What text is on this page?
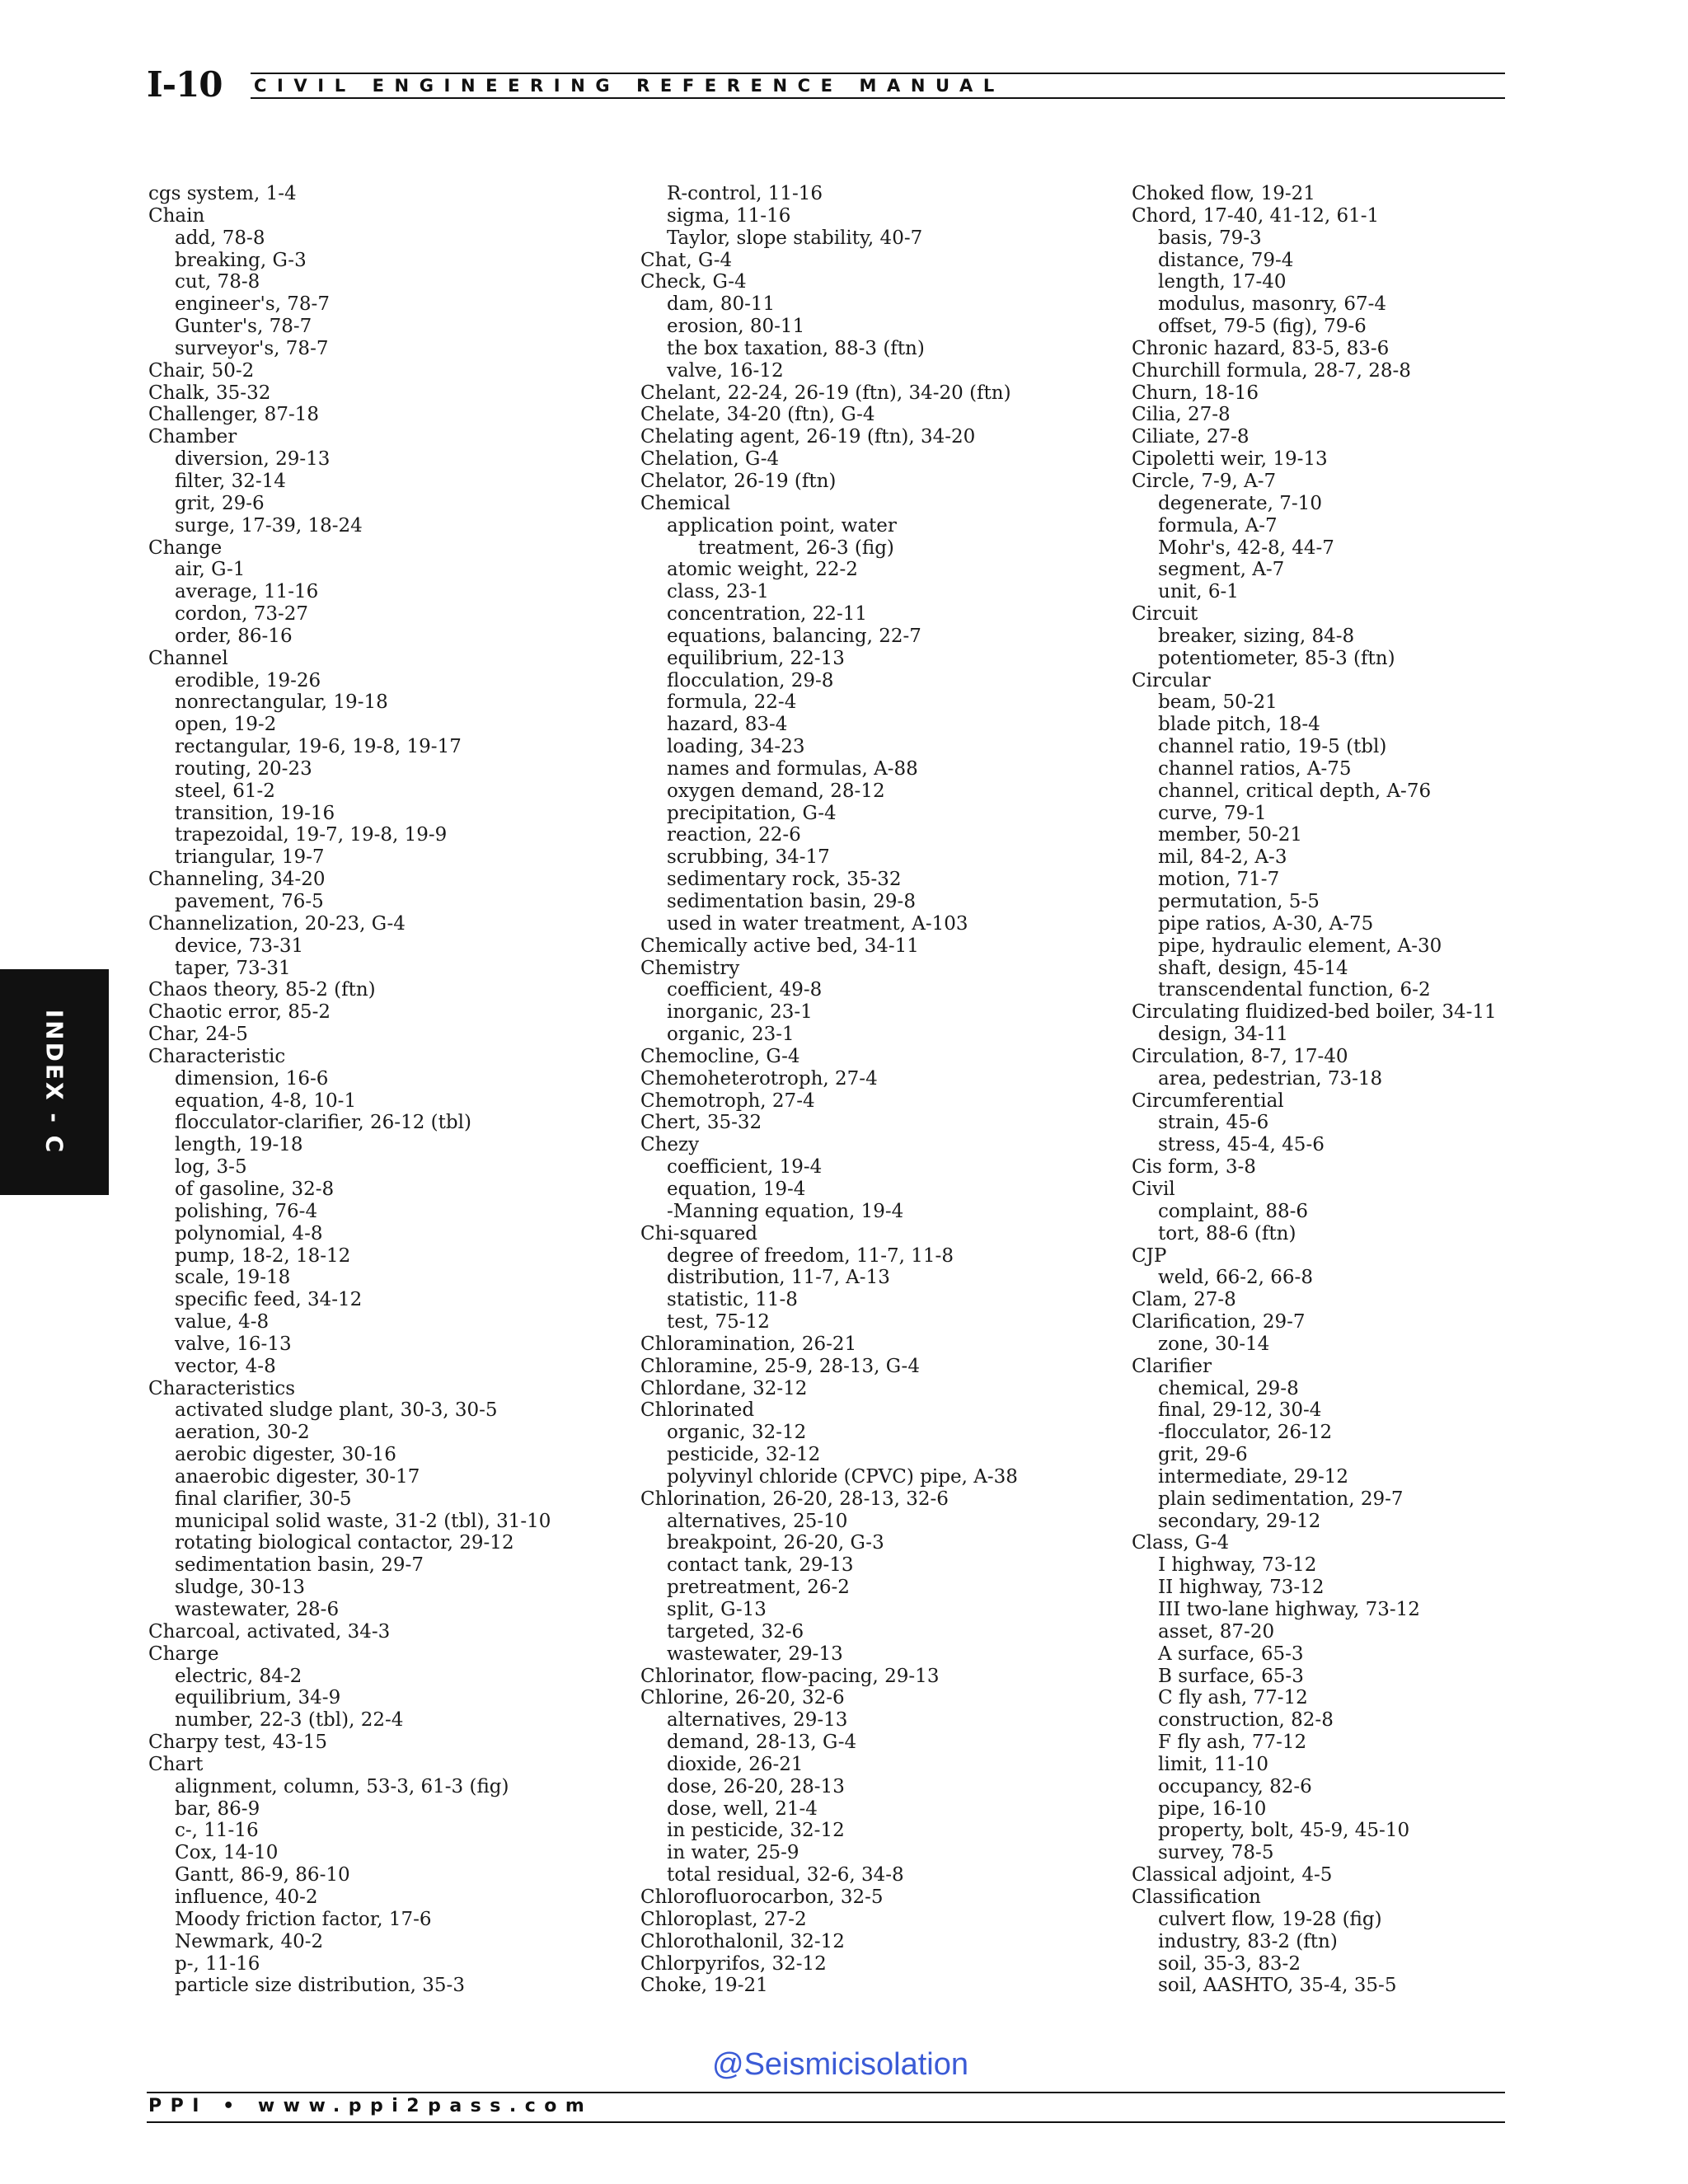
I-10 CIVIL ENGINEERING REFERENCE MANUAL
INDEX - C
cgs system, 1-4
Chain
add, 78-8
breaking, G-3
cut, 78-8
engineer's, 78-7
Gunter's, 78-7
surveyor's, 78-7
Chair, 50-2
Chalk, 35-32
Challenger, 87-18
Chamber
diversion, 29-13
filter, 32-14
grit, 29-6
surge, 17-39, 18-24
Change
air, G-1
average, 11-16
cordon, 73-27
order, 86-16
Channel
erodible, 19-26
nonrectangular, 19-18
open, 19-2
rectangular, 19-6, 19-8, 19-17
routing, 20-23
steel, 61-2
transition, 19-16
trapezoidal, 19-7, 19-8, 19-9
triangular, 19-7
Channeling, 34-20
pavement, 76-5
Channelization, 20-23, G-4
device, 73-31
taper, 73-31
Chaos theory, 85-2 (ftn)
Chaotic error, 85-2
Char, 24-5
Characteristic
dimension, 16-6
equation, 4-8, 10-1
flocculator-clarifier, 26-12 (tbl)
length, 19-18
log, 3-5
of gasoline, 32-8
polishing, 76-4
polynomial, 4-8
pump, 18-2, 18-12
scale, 19-18
specific feed, 34-12
value, 4-8
valve, 16-13
vector, 4-8
Characteristics
activated sludge plant, 30-3, 30-5
aeration, 30-2
aerobic digester, 30-16
anaerobic digester, 30-17
final clarifier, 30-5
municipal solid waste, 31-2 (tbl), 31-10
rotating biological contactor, 29-12
sedimentation basin, 29-7
sludge, 30-13
wastewater, 28-6
Charcoal, activated, 34-3
Charge
electric, 84-2
equilibrium, 34-9
number, 22-3 (tbl), 22-4
Charpy test, 43-15
Chart
alignment, column, 53-3, 61-3 (fig)
bar, 86-9
c-, 11-16
Cox, 14-10
Gantt, 86-9, 86-10
influence, 40-2
Moody friction factor, 17-6
Newmark, 40-2
p-, 11-16
particle size distribution, 35-3
R-control, 11-16
sigma, 11-16
Taylor, slope stability, 40-7
Chat, G-4
Check, G-4
dam, 80-11
erosion, 80-11
the box taxation, 88-3 (ftn)
valve, 16-12
Chelant, 22-24, 26-19 (ftn), 34-20 (ftn)
Chelate, 34-20 (ftn), G-4
Chelating agent, 26-19 (ftn), 34-20
Chelation, G-4
Chelator, 26-19 (ftn)
Chemical
application point, water
treatment, 26-3 (fig)
atomic weight, 22-2
class, 23-1
concentration, 22-11
equations, balancing, 22-7
equilibrium, 22-13
flocculation, 29-8
formula, 22-4
hazard, 83-4
loading, 34-23
names and formulas, A-88
oxygen demand, 28-12
precipitation, G-4
reaction, 22-6
scrubbing, 34-17
sedimentary rock, 35-32
sedimentation basin, 29-8
used in water treatment, A-103
Chemically active bed, 34-11
Chemistry
coefficient, 49-8
inorganic, 23-1
organic, 23-1
Chemocline, G-4
Chemoheterotroph, 27-4
Chemotroph, 27-4
Chert, 35-32
Chezy
coefficient, 19-4
equation, 19-4
-Manning equation, 19-4
Chi-squared
degree of freedom, 11-7, 11-8
distribution, 11-7, A-13
statistic, 11-8
test, 75-12
Chloramination, 26-21
Chloramine, 25-9, 28-13, G-4
Chlordane, 32-12
Chlorinated
organic, 32-12
pesticide, 32-12
polyvinyl chloride (CPVC) pipe, A-38
Chlorination, 26-20, 28-13, 32-6
alternatives, 25-10
breakpoint, 26-20, G-3
contact tank, 29-13
pretreatment, 26-2
split, G-13
targeted, 32-6
wastewater, 29-13
Chlorinator, flow-pacing, 29-13
Chlorine, 26-20, 32-6
alternatives, 29-13
demand, 28-13, G-4
dioxide, 26-21
dose, 26-20, 28-13
dose, well, 21-4
in pesticide, 32-12
in water, 25-9
total residual, 32-6, 34-8
Chlorofluorocarbon, 32-5
Chloroplast, 27-2
Chlorothalonil, 32-12
Chlorpyrifos, 32-12
Choke, 19-21
Choked flow, 19-21
Chord, 17-40, 41-12, 61-1
basis, 79-3
distance, 79-4
length, 17-40
modulus, masonry, 67-4
offset, 79-5 (fig), 79-6
Chronic hazard, 83-5, 83-6
Churchill formula, 28-7, 28-8
Churn, 18-16
Cilia, 27-8
Ciliate, 27-8
Cipoletti weir, 19-13
Circle, 7-9, A-7
degenerate, 7-10
formula, A-7
Mohr's, 42-8, 44-7
segment, A-7
unit, 6-1
Circuit
breaker, sizing, 84-8
potentiometer, 85-3 (ftn)
Circular
beam, 50-21
blade pitch, 18-4
channel ratio, 19-5 (tbl)
channel ratios, A-75
channel, critical depth, A-76
curve, 79-1
member, 50-21
mil, 84-2, A-3
motion, 71-7
permutation, 5-5
pipe ratios, A-30, A-75
pipe, hydraulic element, A-30
shaft, design, 45-14
transcendental function, 6-2
Circulating fluidized-bed boiler, 34-11
design, 34-11
Circulation, 8-7, 17-40
area, pedestrian, 73-18
Circumferential
strain, 45-6
stress, 45-4, 45-6
Cis form, 3-8
Civil
complaint, 88-6
tort, 88-6 (ftn)
CJP
weld, 66-2, 66-8
Clam, 27-8
Clarification, 29-7
zone, 30-14
Clarifier
chemical, 29-8
final, 29-12, 30-4
-flocculator, 26-12
grit, 29-6
intermediate, 29-12
plain sedimentation, 29-7
secondary, 29-12
Class, G-4
I highway, 73-12
II highway, 73-12
III two-lane highway, 73-12
asset, 87-20
A surface, 65-3
B surface, 65-3
C fly ash, 77-12
construction, 82-8
F fly ash, 77-12
limit, 11-10
occupancy, 82-6
pipe, 16-10
property, bolt, 45-9, 45-10
survey, 78-5
Classical adjoint, 4-5
Classification
culvert flow, 19-28 (fig)
industry, 83-2 (ftn)
soil, 35-3, 83-2
soil, AASHTO, 35-4, 35-5
@Seismicisolation
PPI • www.ppi2pass.com
